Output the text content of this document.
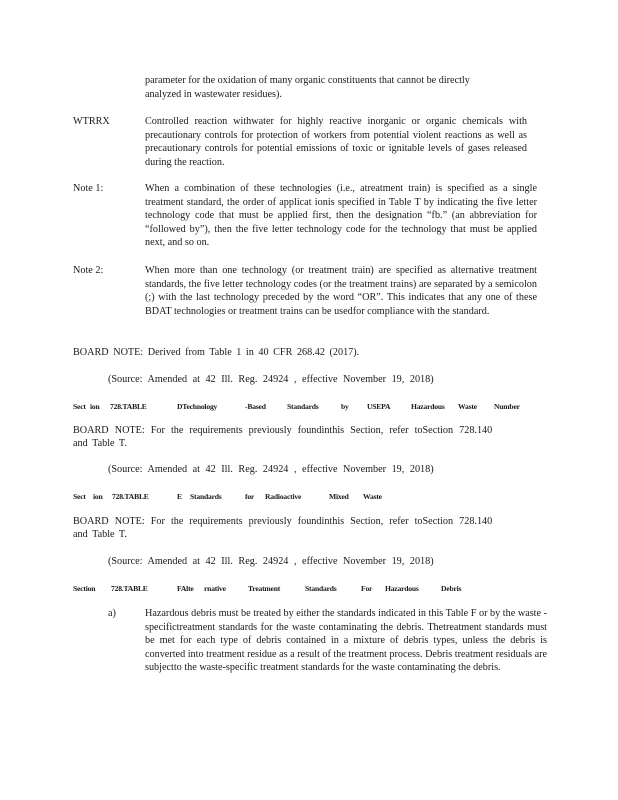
parameter for the oxidation of many organic constituents that cannot be directly
analyzed in wastewater residues).
WTRRX	Controlled reaction withwater for highly reactive inorganic or organic chemicals with precautionary controls for protection of workers from potential violent reactions as well as precautionary controls for potential emissions of toxic or ignitable levels of gases released during the reaction.
Note 1:	When a combination of these technologies (i.e., atreatment train) is specified as a single treatment standard, the order of applicat ionis specified in Table T by indicating the five letter technology code that must be applied first, then the designation “fb.” (an abbreviation for “followed by”), then the five letter technology code for the technology that must be applied next, and so on.
Note 2:	When more than one technology (or treatment train) are specified as alternative treatment standards, the five letter technology codes (or the treatment trains) are separated by a semicolon (;) with the last technology preceded by the word “OR”. This indicates that any one of these BDAT technologies or treatment trains can be usedfor compliance with the standard.
BOARD NOTE: Derived from Table 1 in 40 CFR 268.42 (2017).
(Source: Amended at 42 Ill. Reg. 24924 , effective November 19, 2018)
Sect ion 728.TABLE	DTechnology	-Based	Standards	by USEPA	Hazardous Waste Number
BOARD NOTE: For the requirements previously foundinthis Section, refer toSection 728.140
and Table T.
(Source: Amended at 42 Ill. Reg. 24924 , effective November 19, 2018)
Sect ion 728.TABLE	E Standards	for Radioactive	Mixed Waste
BOARD NOTE: For the requirements previously foundinthis Section, refer toSection 728.140
and Table T.
(Source: Amended at 42 Ill. Reg. 24924 , effective November 19, 2018)
Section 728.TABLE	FAlte rnative	Treatment	Standards	For Hazardous	Debris
a)	Hazardous debris must be treated by either the standards indicated in this Table F or by the waste -specifictreatment standards for the waste contaminating the debris. Thetreatment standards must be met for each type of debris contained in a mixture of debris types, unless the debris is converted into treatment residue as a result of the treatment process. Debris treatment residuals are subjectto the waste-specific treatment standards for the waste contaminating the debris.
